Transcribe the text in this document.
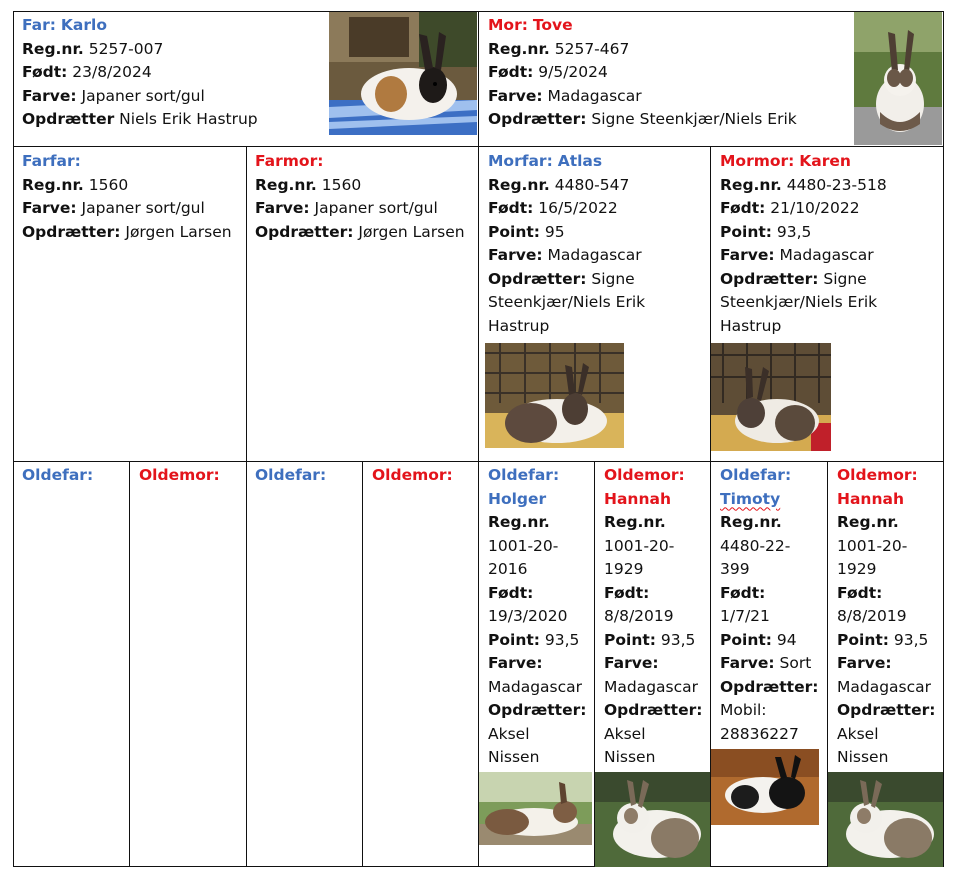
Far: Karlo
Reg.nr. 5257-007
Født: 23/8/2024
Farve: Japaner sort/gul
Opdrætter Niels Erik Hastrup
Mor: Tove
Reg.nr. 5257-467
Født: 9/5/2024
Farve: Madagascar
Opdrætter: Signe Steenkjær/Niels Erik
Farfar:
Reg.nr. 1560
Farve: Japaner sort/gul
Opdrætter: Jørgen Larsen
Farmor:
Reg.nr. 1560
Farve: Japaner sort/gul
Opdrætter: Jørgen Larsen
Morfar: Atlas
Reg.nr. 4480-547
Født: 16/5/2022
Point: 95
Farve: Madagascar
Opdrætter: Signe
Steenkjær/Niels Erik
Hastrup
Mormor: Karen
Reg.nr. 4480-23-518
Født: 21/10/2022
Point: 93,5
Farve: Madagascar
Opdrætter: Signe
Steenkjær/Niels Erik
Hastrup
Oldefar:	Oldemor: Oldefar:	Oldemor: Oldefar:
Holger
Reg.nr.
1001-20-
2016
Født:
19/3/2020
Point: 93,5
Farve:
Madagascar
Opdrætter:
Aksel
Nissen
Oldemor:
Hannah
Reg.nr.
1001-20-
1929
Født:
8/8/2019
Point: 93,5
Farve:
Madagascar
Opdrætter:
Aksel
Nissen
Oldefar:
Timoty
Reg.nr.
4480-22-
399
Født:
1/7/21
Point: 94
Farve: Sort
Opdrætter:
Mobil:
28836227
Oldemor:
Hannah
Reg.nr.
1001-20-
1929
Født:
8/8/2019
Point: 93,5
Farve:
Madagascar
Opdrætter:
Aksel
Nissen
